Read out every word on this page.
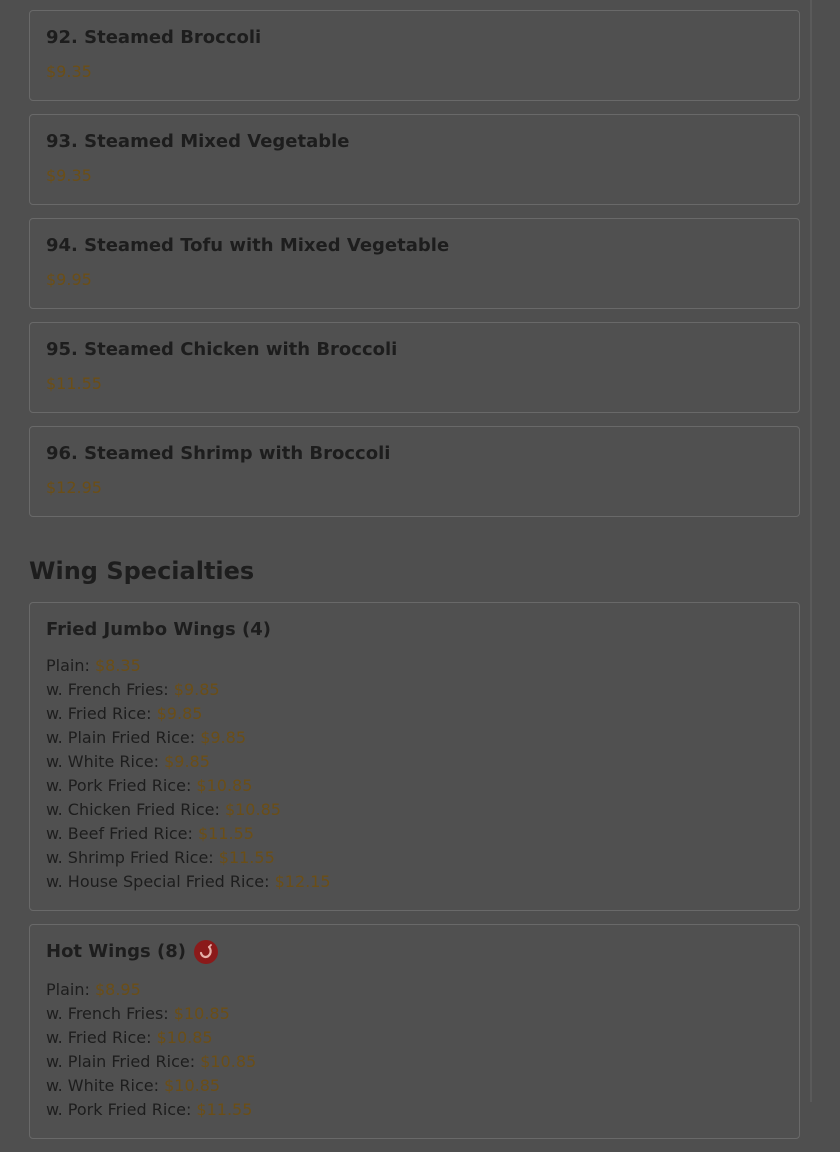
92. Steamed Broccoli
$9.35
93. Steamed Mixed Vegetable
$9.35
94. Steamed Tofu with Mixed Vegetable
$9.95
95. Steamed Chicken with Broccoli
$11.55
96. Steamed Shrimp with Broccoli
$12.95
Wing Specialties
Fried Jumbo Wings (4)
Plain: $8.35
w. French Fries: $9.85
w. Fried Rice: $9.85
w. Plain Fried Rice: $9.85
w. White Rice: $9.85
w. Pork Fried Rice: $10.85
w. Chicken Fried Rice: $10.85
w. Beef Fried Rice: $11.55
w. Shrimp Fried Rice: $11.55
w. House Special Fried Rice: $12.15
Hot Wings (8)
Plain: $8.95
w. French Fries: $10.85
w. Fried Rice: $10.85
w. Plain Fried Rice: $10.85
w. White Rice: $10.85
w. Pork Fried Rice: $11.55
